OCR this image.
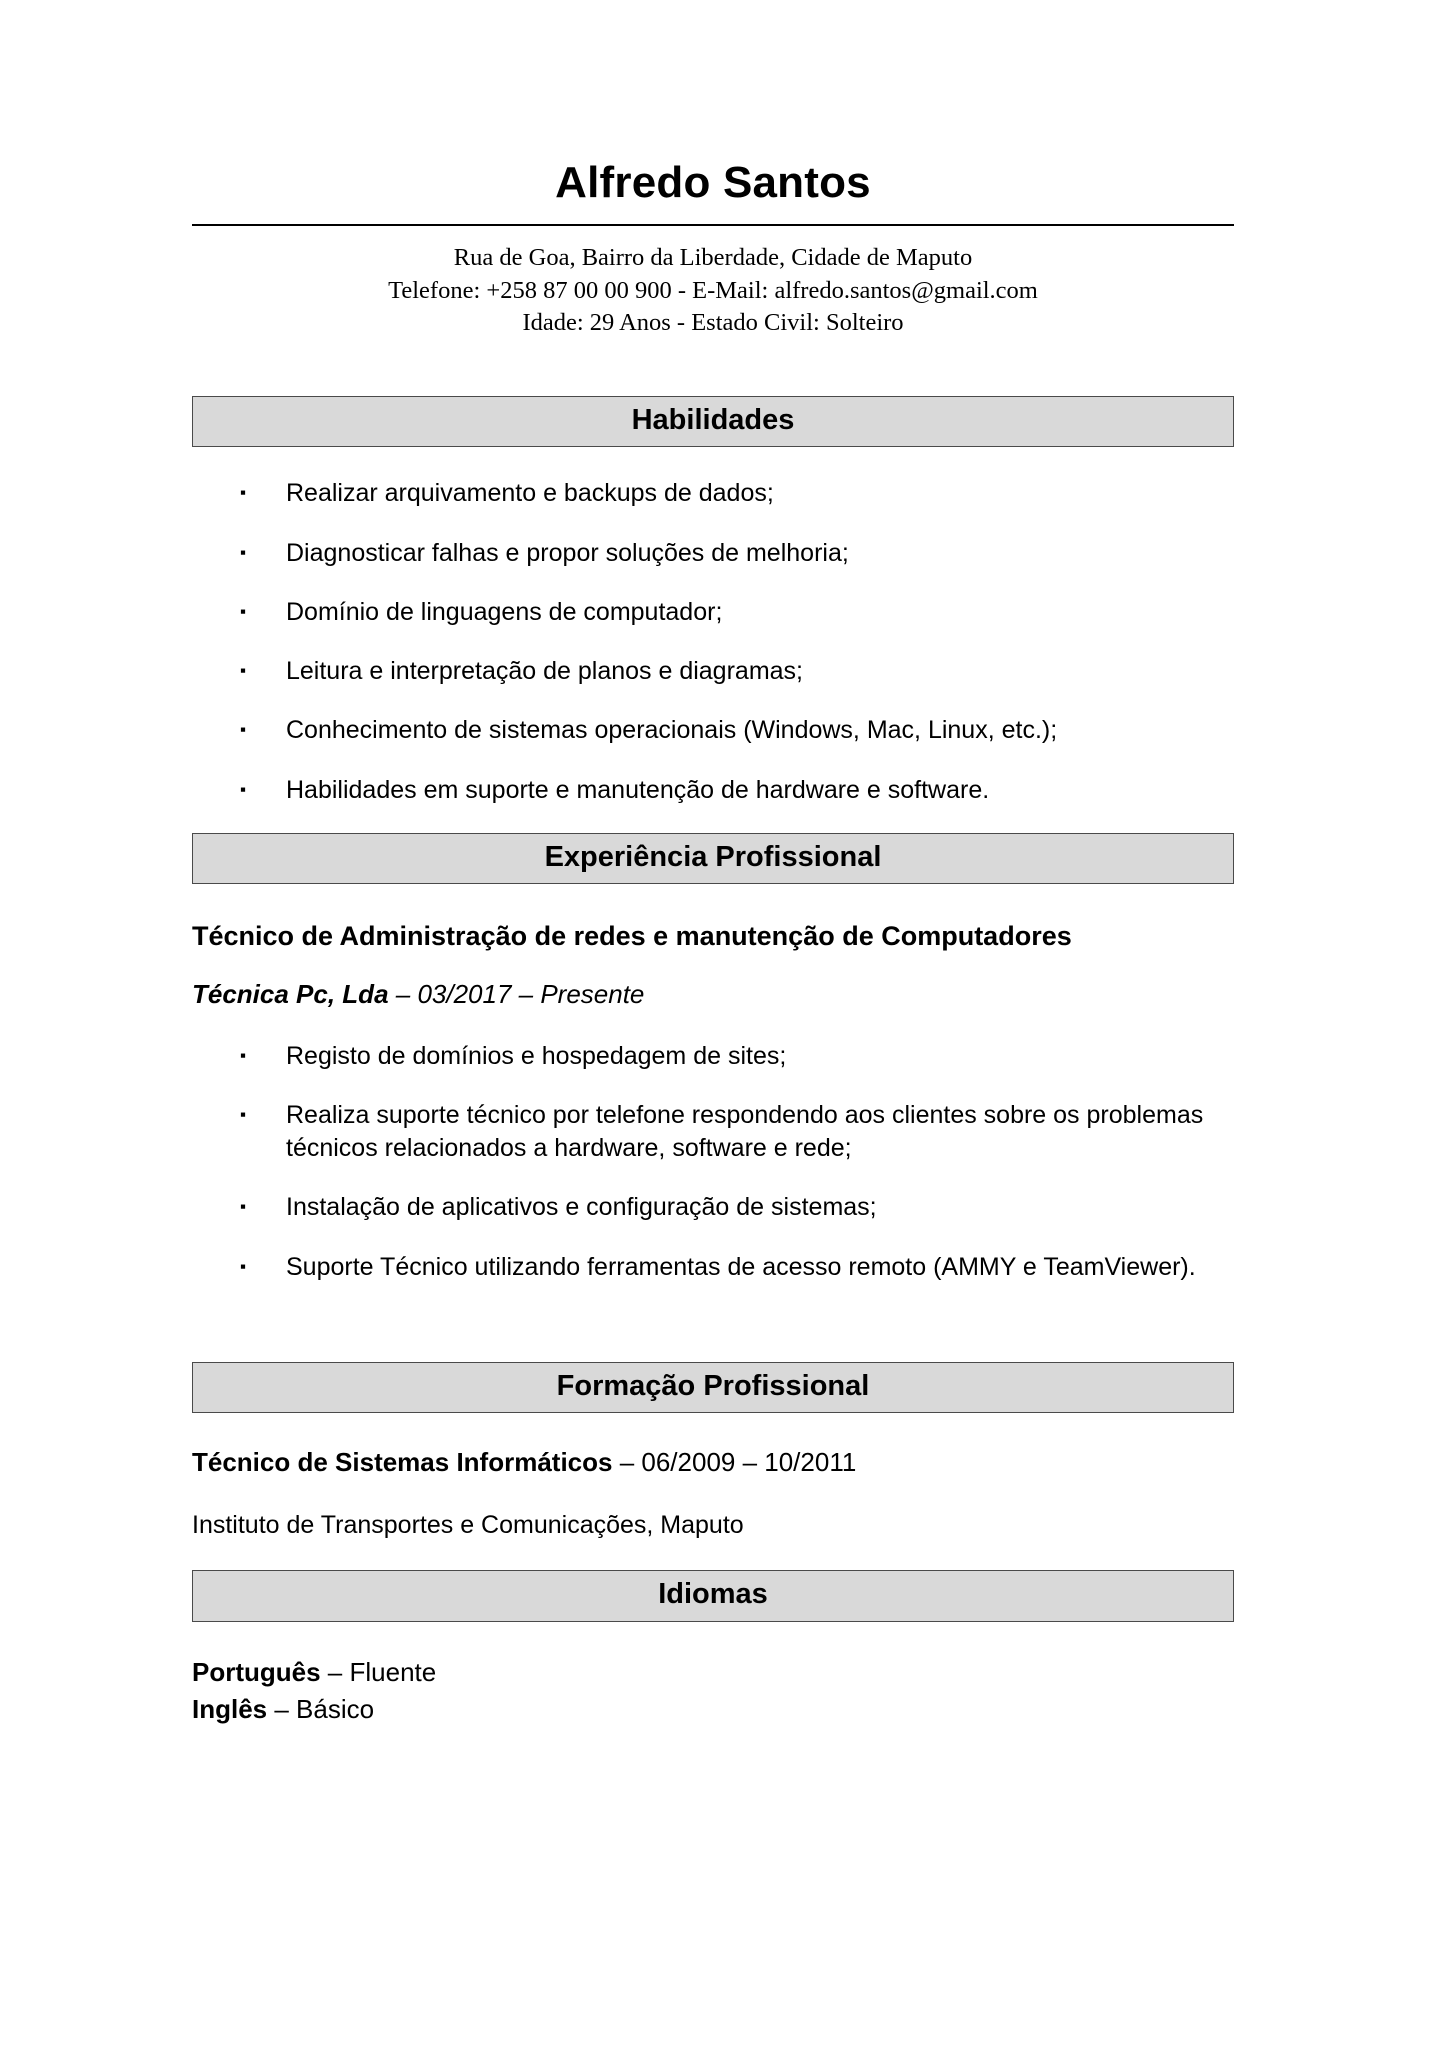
Alfredo Santos
Rua de Goa, Bairro da Liberdade, Cidade de Maputo
Telefone: +258 87 00 00 900 - E-Mail: alfredo.santos@gmail.com
Idade: 29 Anos - Estado Civil: Solteiro
Habilidades
▪ Realizar arquivamento e backups de dados;
▪ Diagnosticar falhas e propor soluções de melhoria;
▪ Domínio de linguagens de computador;
▪ Leitura e interpretação de planos e diagramas;
▪ Conhecimento de sistemas operacionais (Windows, Mac, Linux, etc.);
▪ Habilidades em suporte e manutenção de hardware e software.
Experiência Profissional
Técnico de Administração de redes e manutenção de Computadores
Técnica Pc, Lda – 03/2017 – Presente
▪ Registo de domínios e hospedagem de sites;
▪ Realiza suporte técnico por telefone respondendo aos clientes sobre os problemas técnicos relacionados a hardware, software e rede;
▪ Instalação de aplicativos e configuração de sistemas;
▪ Suporte Técnico utilizando ferramentas de acesso remoto (AMMY e TeamViewer).
Formação Profissional
Técnico de Sistemas Informáticos – 06/2009 – 10/2011
Instituto de Transportes e Comunicações, Maputo
Idiomas
Português – Fluente
Inglês – Básico
